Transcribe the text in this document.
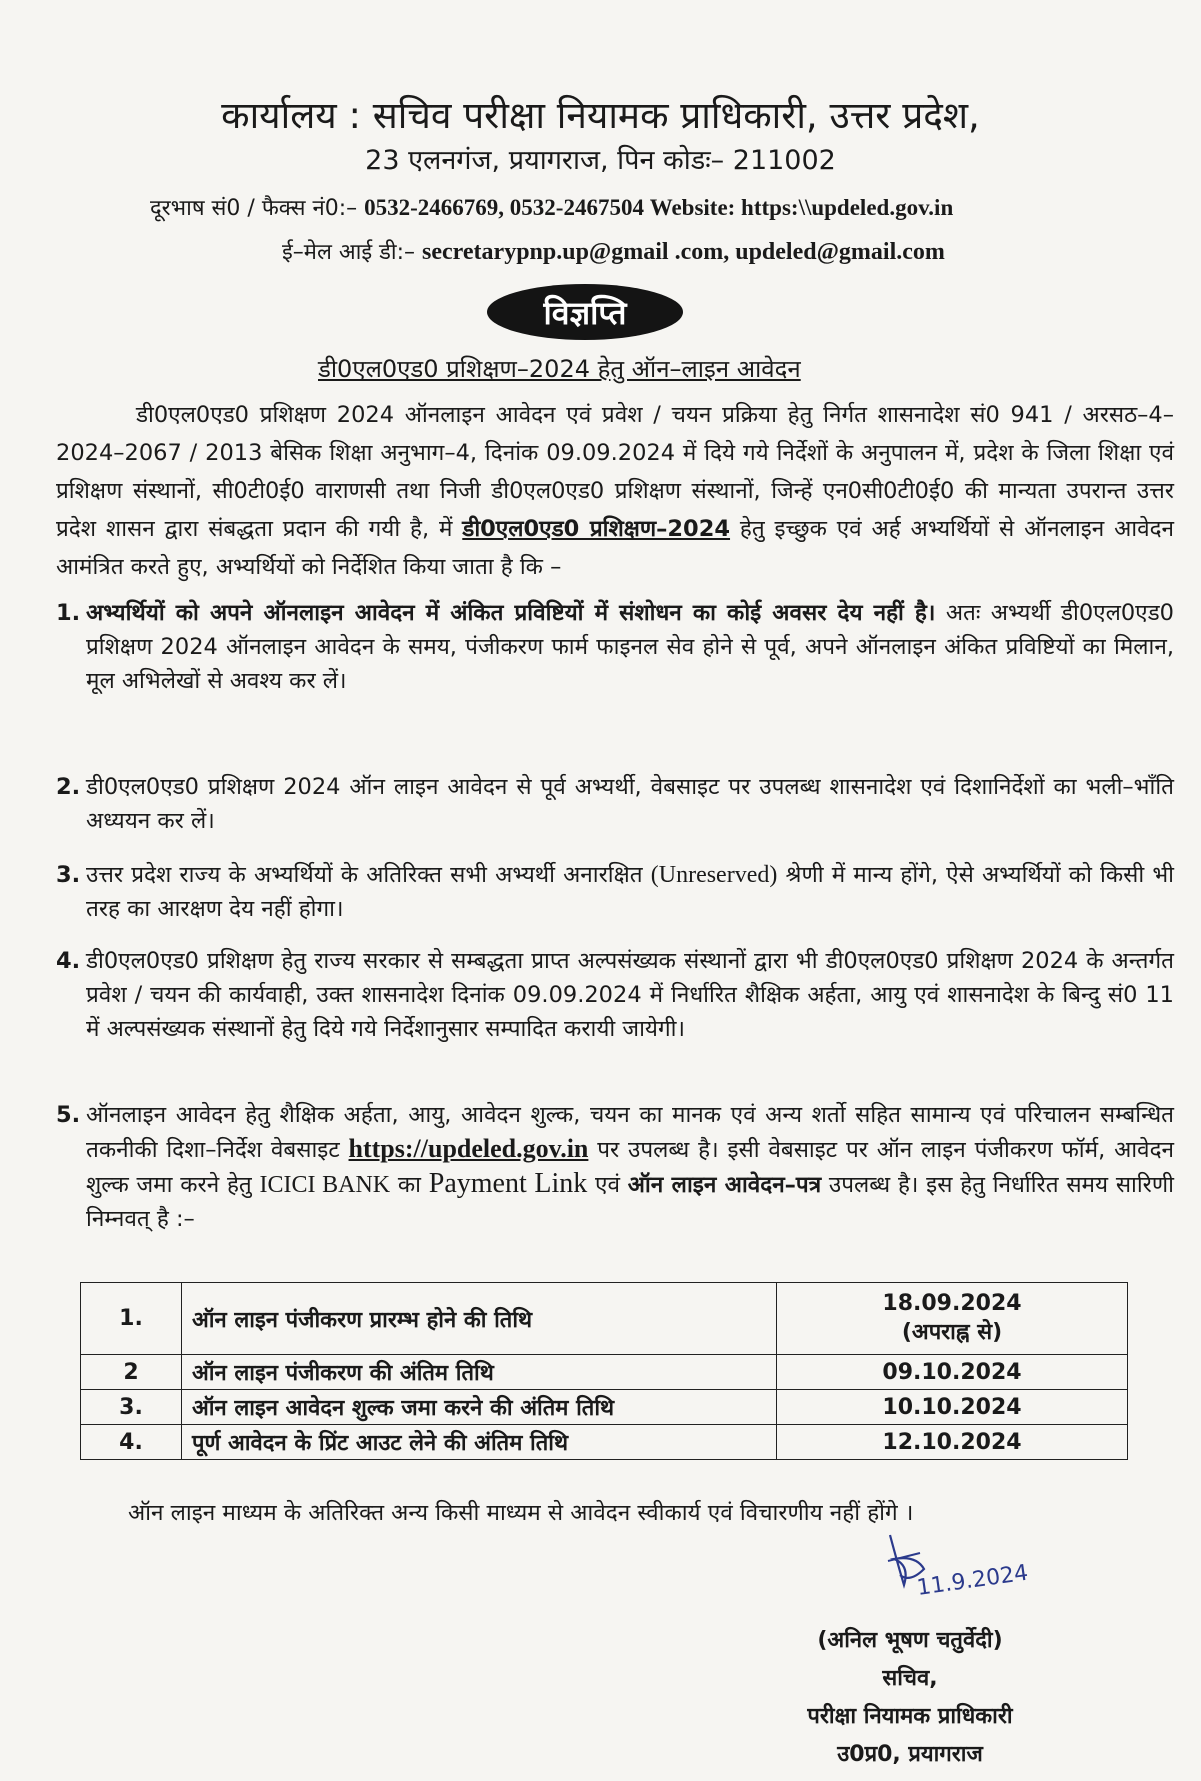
कार्यालय : सचिव परीक्षा नियामक प्राधिकारी, उत्तर प्रदेश,
23 एलनगंज, प्रयागराज, पिन कोडः– 211002
दूरभाष सं0 / फैक्स नं0:– 0532-2466769, 0532-2467504 Website: https:\\updeled.gov.in
ई–मेल आई डी:– secretarypnp.up@gmail .com, updeled@gmail.com
विज्ञप्ति
डी0एल0एड0 प्रशिक्षण–2024 हेतु ऑन–लाइन आवेदन
डी0एल0एड0 प्रशिक्षण 2024 ऑनलाइन आवेदन एवं प्रवेश / चयन प्रक्रिया हेतु निर्गत शासनादेश सं0 941 / अरसठ–4–2024–2067 / 2013 बेसिक शिक्षा अनुभाग–4, दिनांक 09.09.2024 में दिये गये निर्देशों के अनुपालन में, प्रदेश के जिला शिक्षा एवं प्रशिक्षण संस्थानों, सी0टी0ई0 वाराणसी तथा निजी डी0एल0एड0 प्रशिक्षण संस्थानों, जिन्हें एन0सी0टी0ई0 की मान्यता उपरान्त उत्तर प्रदेश शासन द्वारा संबद्धता प्रदान की गयी है, में डी0एल0एड0 प्रशिक्षण–2024 हेतु इच्छुक एवं अर्ह अभ्यर्थियों से ऑनलाइन आवेदन आमंत्रित करते हुए, अभ्यर्थियों को निर्देशित किया जाता है कि –
1. अभ्यर्थियों को अपने ऑनलाइन आवेदन में अंकित प्रविष्टियों में संशोधन का कोई अवसर देय नहीं है। अतः अभ्यर्थी डी0एल0एड0 प्रशिक्षण 2024 ऑनलाइन आवेदन के समय, पंजीकरण फार्म फाइनल सेव होने से पूर्व, अपने ऑनलाइन अंकित प्रविष्टियों का मिलान, मूल अभिलेखों से अवश्य कर लें।
2. डी0एल0एड0 प्रशिक्षण 2024 ऑन लाइन आवेदन से पूर्व अभ्यर्थी, वेबसाइट पर उपलब्ध शासनादेश एवं दिशानिर्देशों का भली–भाँति अध्ययन कर लें।
3. उत्तर प्रदेश राज्य के अभ्यर्थियों के अतिरिक्त सभी अभ्यर्थी अनारक्षित (Unreserved) श्रेणी में मान्य होंगे, ऐसे अभ्यर्थियों को किसी भी तरह का आरक्षण देय नहीं होगा।
4. डी0एल0एड0 प्रशिक्षण हेतु राज्य सरकार से सम्बद्धता प्राप्त अल्पसंख्यक संस्थानों द्वारा भी डी0एल0एड0 प्रशिक्षण 2024 के अन्तर्गत प्रवेश / चयन की कार्यवाही, उक्त शासनादेश दिनांक 09.09.2024 में निर्धारित शैक्षिक अर्हता, आयु एवं शासनादेश के बिन्दु सं0 11 में अल्पसंख्यक संस्थानों हेतु दिये गये निर्देशानुसार सम्पादित करायी जायेगी।
5. ऑनलाइन आवेदन हेतु शैक्षिक अर्हता, आयु, आवेदन शुल्क, चयन का मानक एवं अन्य शर्तो सहित सामान्य एवं परिचालन सम्बन्धित तकनीकी दिशा–निर्देश वेबसाइट https://updeled.gov.in पर उपलब्ध है। इसी वेबसाइट पर ऑन लाइन पंजीकरण फॉर्म, आवेदन शुल्क जमा करने हेतु ICICI BANK का Payment Link एवं ऑन लाइन आवेदन–पत्र उपलब्ध है। इस हेतु निर्धारित समय सारिणी निम्नवत् है :–
1.	ऑन लाइन पंजीकरण प्रारम्भ होने की तिथि	18.09.2024
(अपराह्न से)

2	ऑन लाइन पंजीकरण की अंतिम तिथि	09.10.2024
3.	ऑन लाइन आवेदन शुल्क जमा करने की अंतिम तिथि	10.10.2024
4.	पूर्ण आवेदन के प्रिंट आउट लेने की अंतिम तिथि	12.10.2024
ऑन लाइन माध्यम के अतिरिक्त अन्य किसी माध्यम से आवेदन स्वीकार्य एवं विचारणीय नहीं होंगे ।
11.9.2024
(अनिल भूषण चतुर्वेदी)
सचिव,
परीक्षा नियामक प्राधिकारी
उ0प्र0, प्रयागराज
